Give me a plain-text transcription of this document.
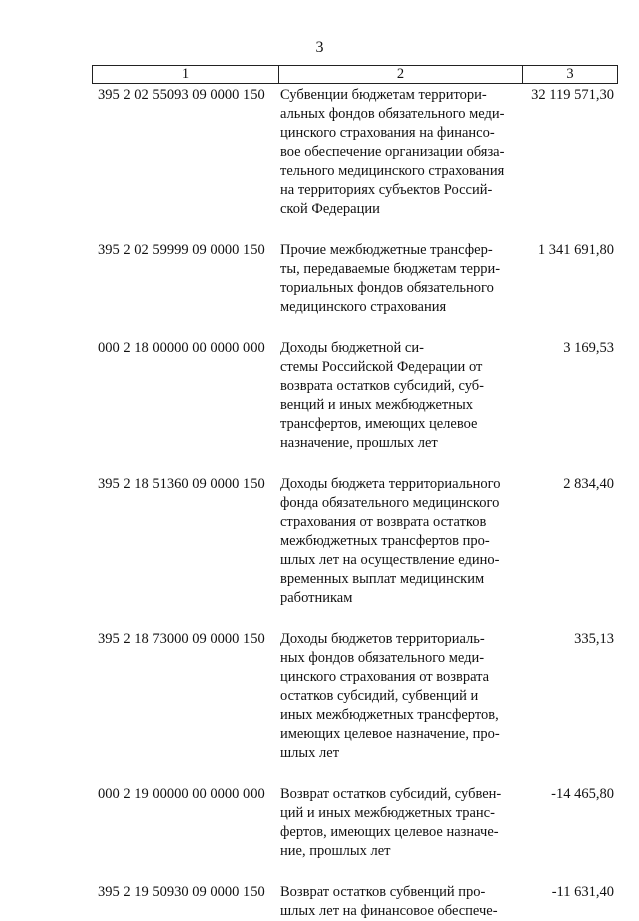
3
1	2	3
395 2 02 55093 09 0000 150	Субвенции бюджетам территори-
альных фондов обязательного меди-
цинского страхования на финансо-
вое обеспечение организации обяза-
тельного медицинского страхования
на территориях субъектов Россий-
ской Федерации
32 119 571,30
395 2 02 59999 09 0000 150	Прочие межбюджетные трансфер-
ты, передаваемые бюджетам терри-
ториальных фондов обязательного
медицинского страхования
1 341 691,80
000 2 18 00000 00 0000 000	Доходы бюджетной си-
стемы Российской Федерации от
возврата остатков субсидий, суб-
венций и иных межбюджетных
трансфертов, имеющих целевое
назначение, прошлых лет
3 169,53
395 2 18 51360 09 0000 150	Доходы бюджета территориального
фонда обязательного медицинского
страхования от возврата остатков
межбюджетных трансфертов про-
шлых лет на осуществление едино-
временных выплат медицинским
работникам
2 834,40
395 2 18 73000 09 0000 150	Доходы бюджетов территориаль-
ных фондов обязательного меди-
цинского страхования от возврата
остатков субсидий, субвенций и
иных межбюджетных трансфертов,
имеющих целевое назначение, про-
шлых лет
335,13
000 2 19 00000 00 0000 000	Возврат остатков субсидий, субвен-
ций и иных межбюджетных транс-
фертов, имеющих целевое назначе-
ние, прошлых лет
-14 465,80
395 2 19 50930 09 0000 150	Возврат остатков субвенций про-
шлых лет на финансовое обеспече-
-11 631,40
